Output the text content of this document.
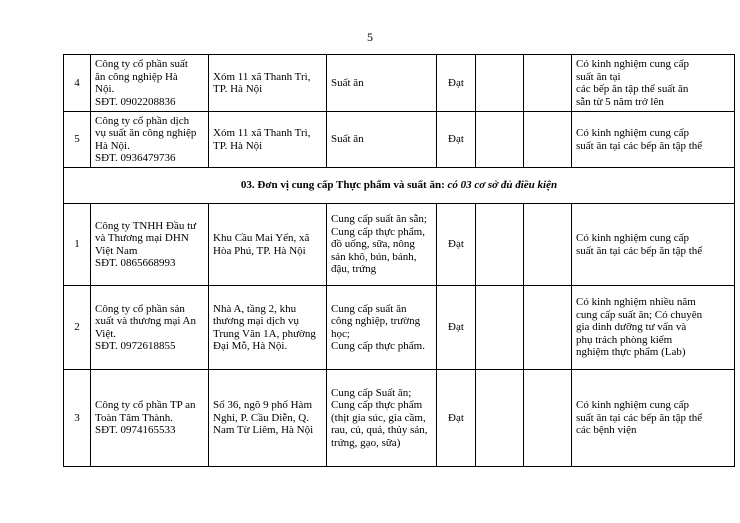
5
4	Công ty cổ phần suất
ăn công nghiệp Hà
Nội.
SĐT. 0902208836	Xóm 11 xã Thanh Trì,
TP. Hà Nội	Suất ăn	Đạt			Có kinh nghiệm cung cấp
suất ăn tại
các bếp ăn tập thể suất ăn
sẵn từ 5 năm trở lên
5	Công ty cổ phần dịch
vụ suất ăn công nghiệp
Hà Nội.
SĐT. 0936479736	Xóm 11 xã Thanh Trì,
TP. Hà Nội	Suất ăn	Đạt			Có kinh nghiệm cung cấp
suất ăn tại các bếp ăn tập thể
03. Đơn vị cung cấp Thực phẩm và suất ăn: có 03 cơ sở đủ điều kiện							
1	Công ty TNHH Đầu tư
và Thương mại DHN
Việt Nam
SĐT. 0865668993	Khu Cầu Mai Yến, xã
Hòa Phú, TP. Hà Nội	Cung cấp suất ăn sẵn;
Cung cấp thực phẩm,
đồ uống, sữa, nông
sản khô, bún, bánh,
đậu, trứng	Đạt			Có kinh nghiệm cung cấp
suất ăn tại các bếp ăn tập thể
2	Công ty cổ phần sản
xuất và thương mại An
Việt.
SĐT. 0972618855	Nhà A, tầng 2, khu
thương mại dịch vụ
Trung Văn 1A, phường
Đại Mỗ, Hà Nội.	Cung cấp suất ăn
công nghiệp, trường
học;
Cung cấp thực phẩm.	Đạt			Có kinh nghiệm nhiều năm
cung cấp suất ăn; Có chuyên
gia dinh dưỡng tư vấn và
phụ trách phòng kiểm
nghiệm thực phẩm (Lab)
3	Công ty cổ phần TP an
Toàn Tâm Thành.
SĐT. 0974165533	Số 36, ngõ 9 phố Hàm
Nghi, P. Cầu Diễn, Q.
Nam Từ Liêm, Hà Nội	Cung cấp Suất ăn;
Cung cấp thực phẩm
(thịt gia súc, gia cầm,
rau, củ, quả, thủy sản,
trứng, gạo, sữa)	Đạt			Có kinh nghiệm cung cấp
suất ăn tại các bếp ăn tập thể
các bệnh viện
